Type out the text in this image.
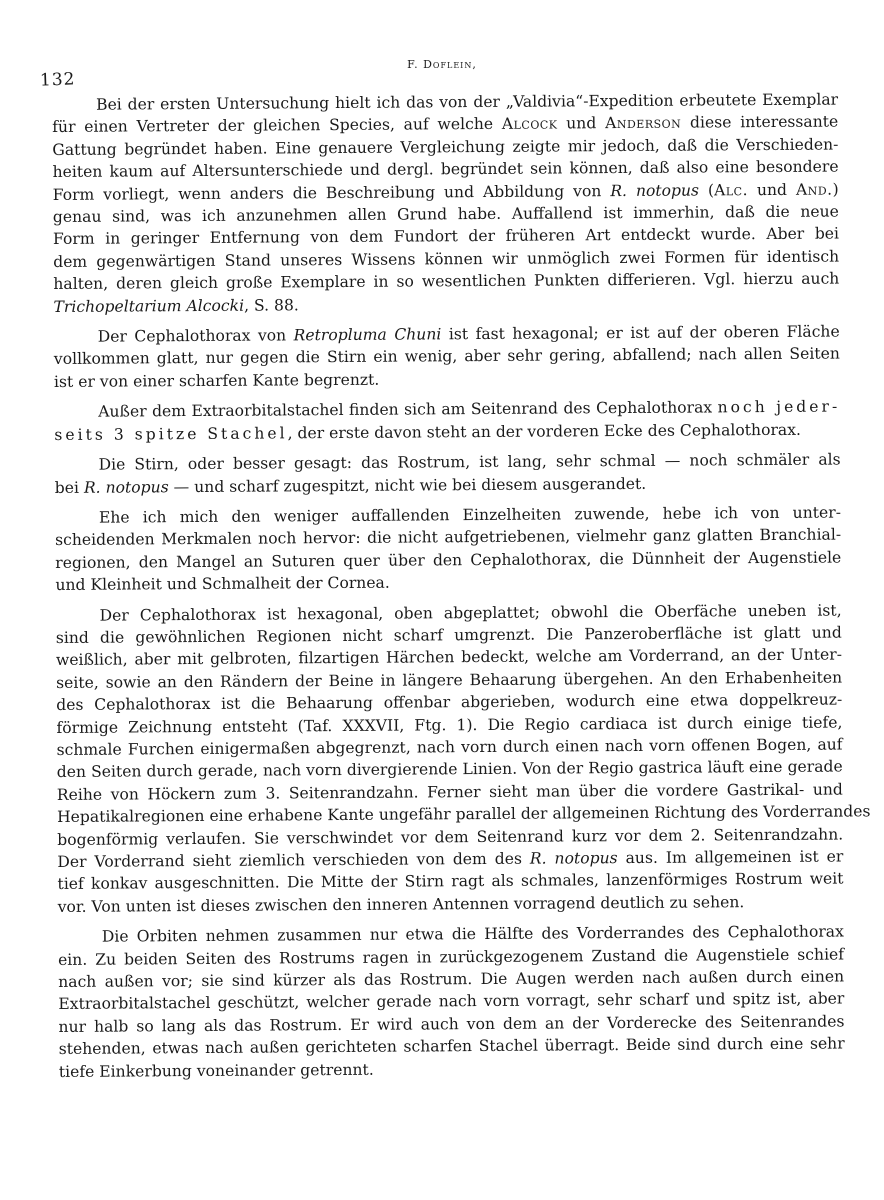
132
F. Doflein,
Bei der ersten Untersuchung hielt ich das von der „Valdivia“-Expedition erbeutete Exemplar
für einen Vertreter der gleichen Species, auf welche Alcock und Anderson diese interessante
Gattung begründet haben. Eine genauere Vergleichung zeigte mir jedoch, daß die Verschieden-
heiten kaum auf Altersunterschiede und dergl. begründet sein können, daß also eine besondere
Form vorliegt, wenn anders die Beschreibung und Abbildung von R. notopus (Alc. und And.)
genau sind, was ich anzunehmen allen Grund habe. Auffallend ist immerhin, daß die neue
Form in geringer Entfernung von dem Fundort der früheren Art entdeckt wurde. Aber bei
dem gegenwärtigen Stand unseres Wissens können wir unmöglich zwei Formen für identisch
halten, deren gleich große Exemplare in so wesentlichen Punkten differieren. Vgl. hierzu auch
Trichopeltarium Alcocki, S. 88.
Der Cephalothorax von Retropluma Chuni ist fast hexagonal; er ist auf der oberen Fläche
vollkommen glatt, nur gegen die Stirn ein wenig, aber sehr gering, abfallend; nach allen Seiten
ist er von einer scharfen Kante begrenzt.
Außer dem Extraorbitalstachel finden sich am Seitenrand des Cephalothorax noch jeder-
seits 3 spitze Stachel, der erste davon steht an der vorderen Ecke des Cephalothorax.
Die Stirn, oder besser gesagt: das Rostrum, ist lang, sehr schmal — noch schmäler als
bei R. notopus — und scharf zugespitzt, nicht wie bei diesem ausgerandet.
Ehe ich mich den weniger auffallenden Einzelheiten zuwende, hebe ich von unter-
scheidenden Merkmalen noch hervor: die nicht aufgetriebenen, vielmehr ganz glatten Branchial-
regionen, den Mangel an Suturen quer über den Cephalothorax, die Dünnheit der Augenstiele
und Kleinheit und Schmalheit der Cornea.
Der Cephalothorax ist hexagonal, oben abgeplattet; obwohl die Oberfäche uneben ist,
sind die gewöhnlichen Regionen nicht scharf umgrenzt. Die Panzeroberfläche ist glatt und
weißlich, aber mit gelbroten, filzartigen Härchen bedeckt, welche am Vorderrand, an der Unter-
seite, sowie an den Rändern der Beine in längere Behaarung übergehen. An den Erhabenheiten
des Cephalothorax ist die Behaarung offenbar abgerieben, wodurch eine etwa doppelkreuz-
förmige Zeichnung entsteht (Taf. XXXVII, Ftg. 1). Die Regio cardiaca ist durch einige tiefe,
schmale Furchen einigermaßen abgegrenzt, nach vorn durch einen nach vorn offenen Bogen, auf
den Seiten durch gerade, nach vorn divergierende Linien. Von der Regio gastrica läuft eine gerade
Reihe von Höckern zum 3. Seitenrandzahn. Ferner sieht man über die vordere Gastrikal- und
Hepatikalregionen eine erhabene Kante ungefähr parallel der allgemeinen Richtung des Vorderrandes
bogenförmig verlaufen. Sie verschwindet vor dem Seitenrand kurz vor dem 2. Seitenrandzahn.
Der Vorderrand sieht ziemlich verschieden von dem des R. notopus aus. Im allgemeinen ist er
tief konkav ausgeschnitten. Die Mitte der Stirn ragt als schmales, lanzenförmiges Rostrum weit
vor. Von unten ist dieses zwischen den inneren Antennen vorragend deutlich zu sehen.
Die Orbiten nehmen zusammen nur etwa die Hälfte des Vorderrandes des Cephalothorax
ein. Zu beiden Seiten des Rostrums ragen in zurückgezogenem Zustand die Augenstiele schief
nach außen vor; sie sind kürzer als das Rostrum. Die Augen werden nach außen durch einen
Extraorbitalstachel geschützt, welcher gerade nach vorn vorragt, sehr scharf und spitz ist, aber
nur halb so lang als das Rostrum. Er wird auch von dem an der Vorderecke des Seitenrandes
stehenden, etwas nach außen gerichteten scharfen Stachel überragt. Beide sind durch eine sehr
tiefe Einkerbung voneinander getrennt.
